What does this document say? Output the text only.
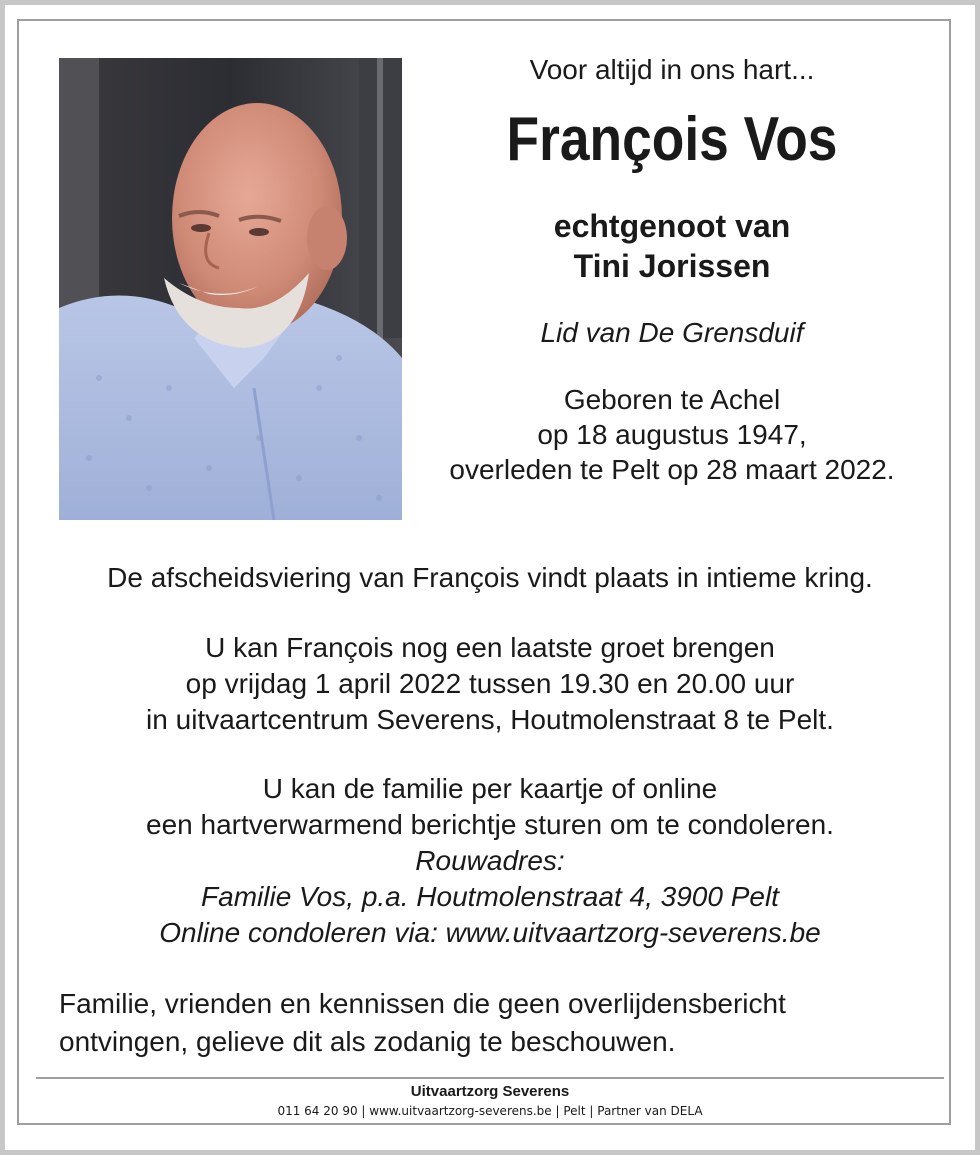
Voor altijd in ons hart...
François Vos
echtgenoot van
Tini Jorissen
Lid van De Grensduif
Geboren te Achel
op 18 augustus 1947,
overleden te Pelt op 28 maart 2022.
De afscheidsviering van François vindt plaats in intieme kring.
U kan François nog een laatste groet brengen
op vrijdag 1 april 2022 tussen 19.30 en 20.00 uur
in uitvaartcentrum Severens, Houtmolenstraat 8 te Pelt.
U kan de familie per kaartje of online
een hartverwarmend berichtje sturen om te condoleren.
Rouwadres:
Familie Vos, p.a. Houtmolenstraat 4, 3900 Pelt
Online condoleren via: www.uitvaartzorg-severens.be
Familie, vrienden en kennissen die geen overlijdensbericht
ontvingen, gelieve dit als zodanig te beschouwen.
Uitvaartzorg Severens
011 64 20 90 | www.uitvaartzorg-severens.be | Pelt | Partner van DELA
